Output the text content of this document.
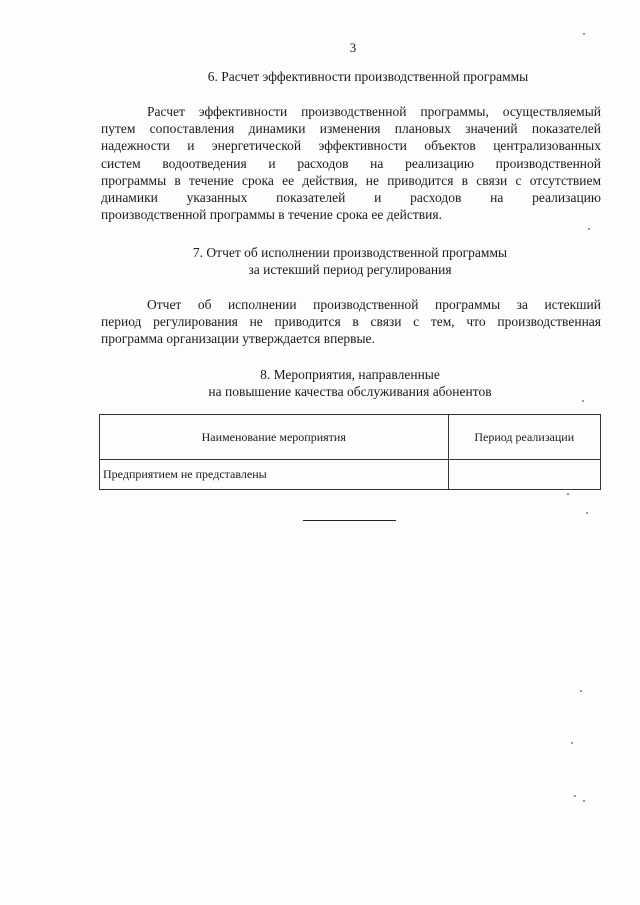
3
6. Расчет эффективности производственной программы
Расчет эффективности производственной программы, осуществляемый
путем сопоставления динамики изменения плановых значений показателей
надежности и энергетической эффективности объектов централизованных
систем водоотведения и расходов на реализацию производственной
программы в течение срока ее действия, не приводится в связи с отсутствием
динамики указанных показателей и расходов на реализацию
производственной программы в течение срока ее действия.
7. Отчет об исполнении производственной программы
за истекший период регулирования
Отчет об исполнении производственной программы за истекший
период регулирования не приводится в связи с тем, что производственная
программа организации утверждается впервые.
8. Мероприятия, направленные
на повышение качества обслуживания абонентов
Наименование мероприятия	Период реализации
Предприятием не представлены	
